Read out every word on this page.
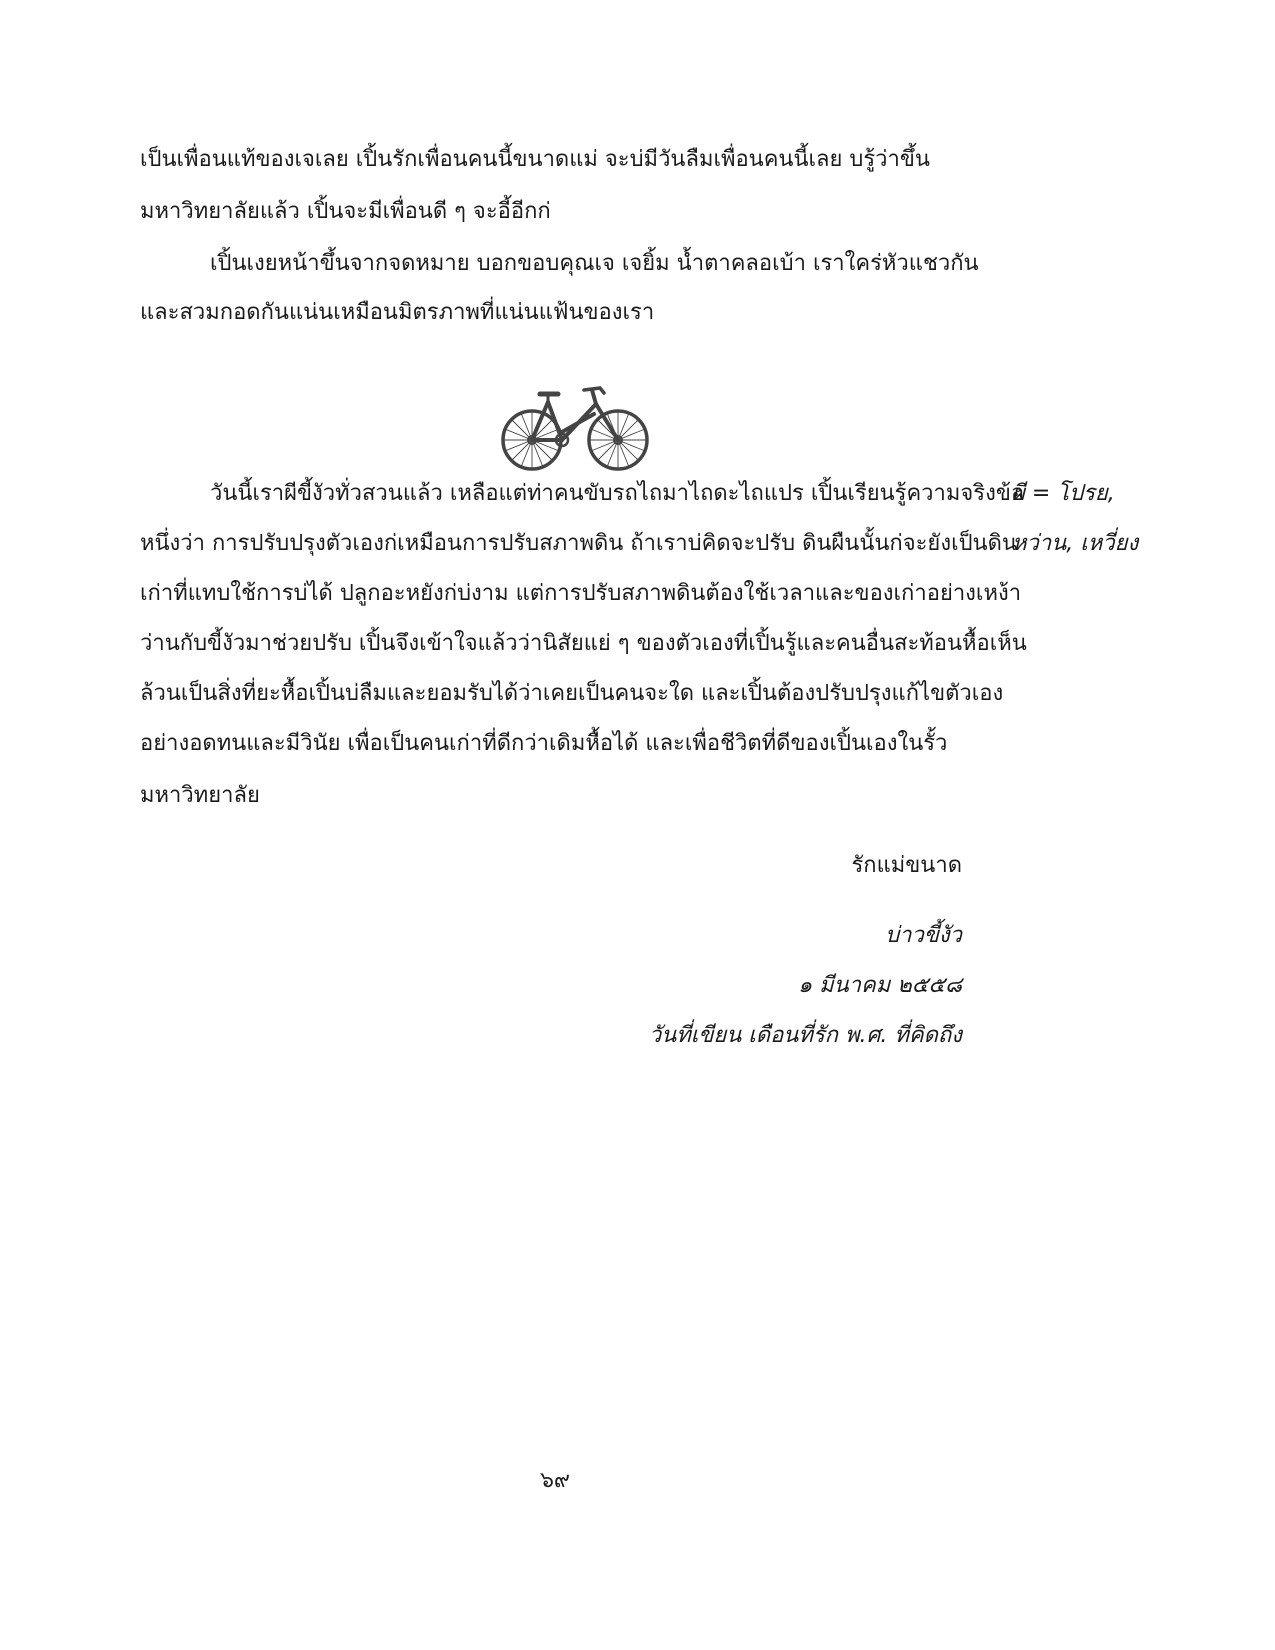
เป็นเพื่อนแท้ของเจเลย เปิ้นรักเพื่อนคนนี้ขนาดแม่ จะบ่มีวันลืมเพื่อนคนนี้เลย บรู้ว่าขึ้น
มหาวิทยาลัยแล้ว เปิ้นจะมีเพื่อนดี ๆ จะอี้อีกก่
เปิ้นเงยหน้าขึ้นจากจดหมาย บอกขอบคุณเจ เจยิ้ม น้ำตาคลอเบ้า เราใคร่หัวแชวกัน
และสวมกอดกันแน่นเหมือนมิตรภาพที่แน่นแฟ้นของเรา
วันนี้เราผีขี้งัวทั่วสวนแล้ว เหลือแต่ท่าคนขับรถไถมาไถดะไถแปร เปิ้นเรียนรู้ความจริงข้อ
หนึ่งว่า การปรับปรุงตัวเองก่เหมือนการปรับสภาพดิน ถ้าเราบ่คิดจะปรับ ดินผืนนั้นก่จะยังเป็นดิน
เก่าที่แทบใช้การบ่ได้ ปลูกอะหยังก่บ่งาม แต่การปรับสภาพดินต้องใช้เวลาและของเก่าอย่างเหง้า
ว่านกับขี้งัวมาช่วยปรับ เปิ้นจึงเข้าใจแล้วว่านิสัยแย่ ๆ ของตัวเองที่เปิ้นรู้และคนอื่นสะท้อนหื้อเห็น
ล้วนเป็นสิ่งที่ยะหื้อเปิ้นบ่ลืมและยอมรับได้ว่าเคยเป็นคนจะใด และเปิ้นต้องปรับปรุงแก้ไขตัวเอง
อย่างอดทนและมีวินัย เพื่อเป็นคนเก่าที่ดีกว่าเดิมหื้อได้ และเพื่อชีวิตที่ดีของเปิ้นเองในรั้ว
มหาวิทยาลัย
ผี = โปรย,
หว่าน, เหวี่ยง
รักแม่ขนาด
บ่าวขี้งัว
๑ มีนาคม ๒๕๕๘
วันที่เขียน เดือนที่รัก พ.ศ. ที่คิดถึง
๖๙
